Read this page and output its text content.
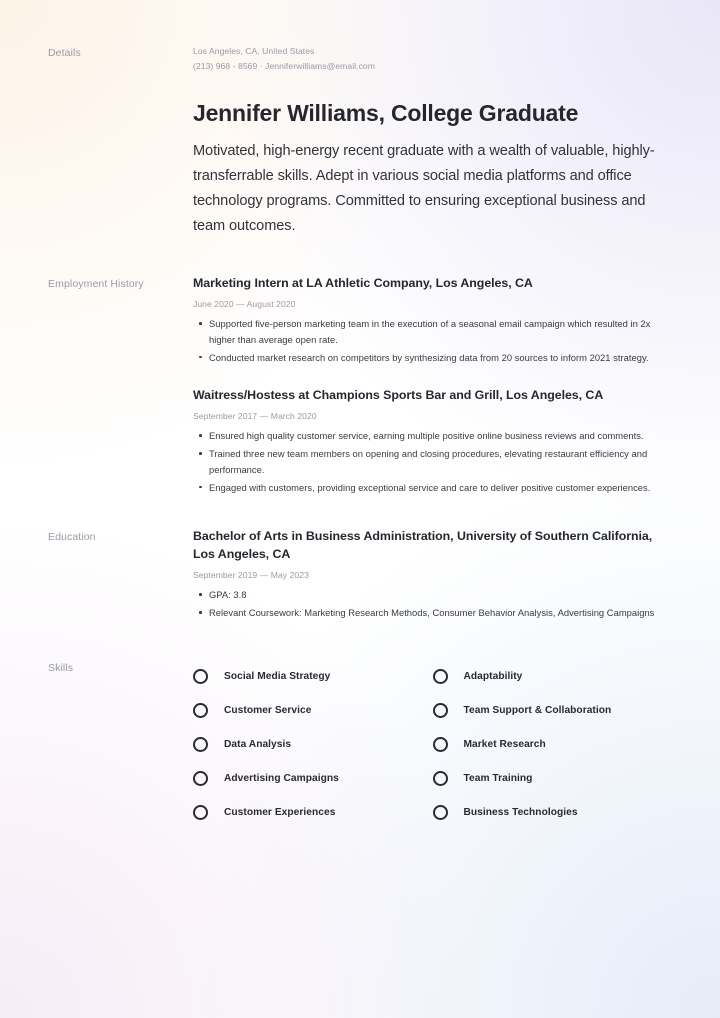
Details	Los Angeles, CA, United States
(213) 968 - 8569 · Jenniferwilliams@email.com
Jennifer Williams, College Graduate
Motivated, high-energy recent graduate with a wealth of valuable, highly-transferrable skills. Adept in various social media platforms and office technology programs. Committed to ensuring exceptional business and team outcomes.
Employment History	Marketing Intern at LA Athletic Company, Los Angeles, CA
June 2020 — August 2020
Supported five-person marketing team in the execution of a seasonal email campaign which resulted in 2x higher than average open rate.
Conducted market research on competitors by synthesizing data from 20 sources to inform 2021 strategy.
Waitress/Hostess at Champions Sports Bar and Grill, Los Angeles, CA
September 2017 — March 2020
Ensured high quality customer service, earning multiple positive online business reviews and comments.
Trained three new team members on opening and closing procedures, elevating restaurant efficiency and performance.
Engaged with customers, providing exceptional service and care to deliver positive customer experiences.
Education	Bachelor of Arts in Business Administration, University of Southern California, Los Angeles, CA
September 2019 — May 2023
GPA: 3.8
Relevant Coursework: Marketing Research Methods, Consumer Behavior Analysis, Advertising Campaigns
Skills
Social Media Strategy	Adaptability
Customer Service	Team Support & Collaboration
Data Analysis	Market Research
Advertising Campaigns	Team Training
Customer Experiences	Business Technologies
